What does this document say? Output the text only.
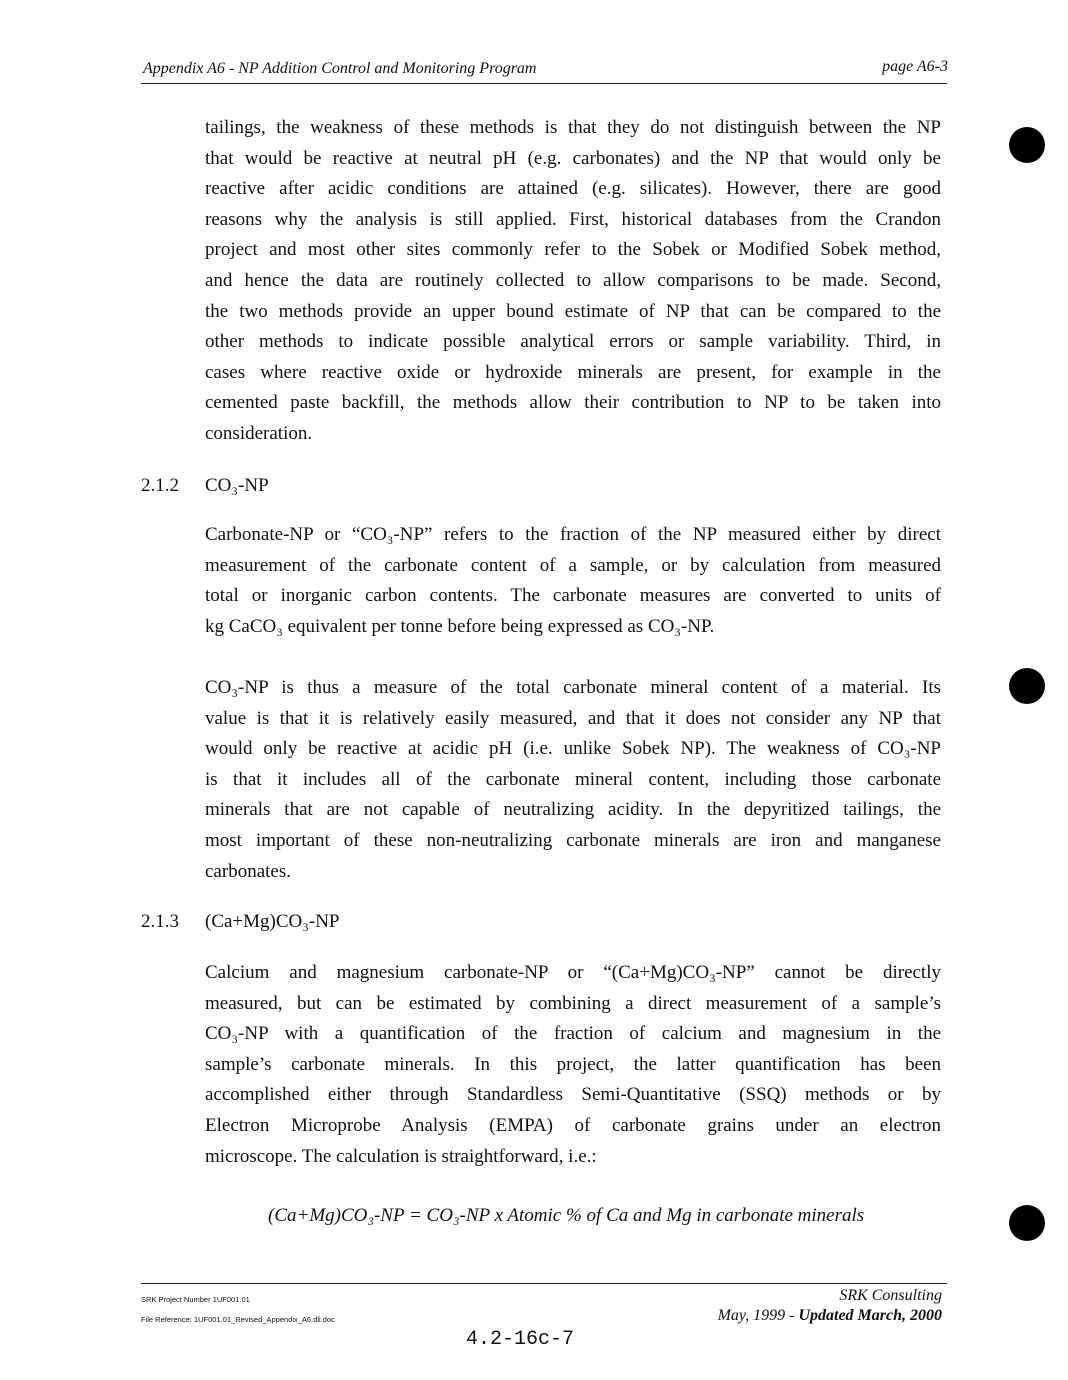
Appendix A6 - NP Addition Control and Monitoring Program	page A6-3
tailings, the weakness of these methods is that they do not distinguish between the NP
that would be reactive at neutral pH (e.g. carbonates) and the NP that would only be
reactive after acidic conditions are attained (e.g. silicates). However, there are good
reasons why the analysis is still applied. First, historical databases from the Crandon
project and most other sites commonly refer to the Sobek or Modified Sobek method,
and hence the data are routinely collected to allow comparisons to be made. Second,
the two methods provide an upper bound estimate of NP that can be compared to the
other methods to indicate possible analytical errors or sample variability. Third, in
cases where reactive oxide or hydroxide minerals are present, for example in the
cemented paste backfill, the methods allow their contribution to NP to be taken into
consideration.
2.1.2 CO₃-NP
Carbonate-NP or “CO₃-NP” refers to the fraction of the NP measured either by direct
measurement of the carbonate content of a sample, or by calculation from measured
total or inorganic carbon contents. The carbonate measures are converted to units of
kg CaCO₃ equivalent per tonne before being expressed as CO₃-NP.
CO₃-NP is thus a measure of the total carbonate mineral content of a material. Its
value is that it is relatively easily measured, and that it does not consider any NP that
would only be reactive at acidic pH (i.e. unlike Sobek NP). The weakness of CO₃-NP
is that it includes all of the carbonate mineral content, including those carbonate
minerals that are not capable of neutralizing acidity. In the depyritized tailings, the
most important of these non-neutralizing carbonate minerals are iron and manganese
carbonates.
2.1.3 (Ca+Mg)CO₃-NP
Calcium and magnesium carbonate-NP or “(Ca+Mg)CO₃-NP” cannot be directly
measured, but can be estimated by combining a direct measurement of a sample’s
CO₃-NP with a quantification of the fraction of calcium and magnesium in the
sample’s carbonate minerals. In this project, the latter quantification has been
accomplished either through Standardless Semi-Quantitative (SSQ) methods or by
Electron Microprobe Analysis (EMPA) of carbonate grains under an electron
microscope. The calculation is straightforward, i.e.:
(Ca+Mg)CO₃-NP = CO₃-NP x Atomic % of Ca and Mg in carbonate minerals
SRK Project Number 1UF001.01
File Reference: 1UF001.01_Revised_Appendix_A6.dli.doc
SRK Consulting
May, 1999 - Updated March, 2000
4.2-16c-7
